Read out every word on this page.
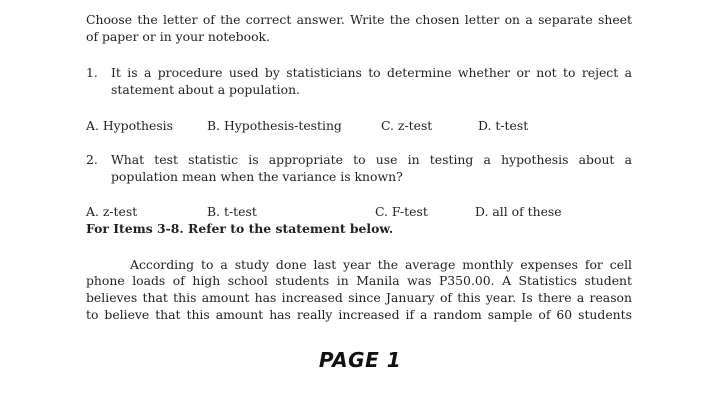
Choose the letter of the correct answer. Write the chosen letter on a separate sheet

of paper or in your notebook.

1. It is a procedure used by statisticians to determine whether or not to reject a

statement about a population.

A. Hypothesis	B. Hypothesis-testing	C. z-test	D. t-test

2. What test statistic is appropriate to use in testing a hypothesis about a

population mean when the variance is known?

A. z-test	B. t-test	C. F-test	D. all of these

For Items 3-8. Refer to the statement below.

According to a study done last year the average monthly expenses for cell

phone loads of high school students in Manila was P350.00. A Statistics student

believes that this amount has increased since January of this year. Is there a reason

to believe that this amount has really increased if a random sample of 60 students

PAGE 1
